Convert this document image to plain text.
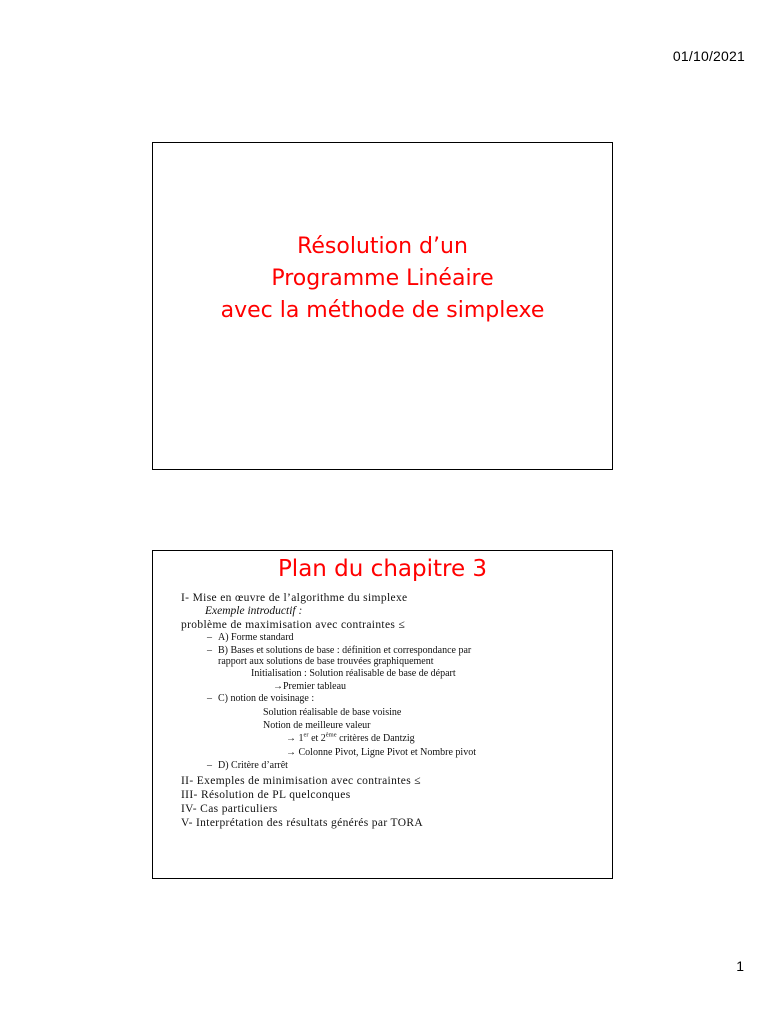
01/10/2021
Résolution d’un
Programme Linéaire
avec la méthode de simplexe
Plan du chapitre 3
I- Mise en œuvre de l’algorithme du simplexe
Exemple introductif :
problème de maximisation avec contraintes ≤
– A) Forme standard
– B) Bases et solutions de base : définition et correspondance par
rapport aux solutions de base trouvées graphiquement
Initialisation : Solution réalisable de base de départ
→Premier tableau
– C) notion de voisinage :
Solution réalisable de base voisine
Notion de meilleure valeur
→ 1er et 2ème critères de Dantzig
→ Colonne Pivot, Ligne Pivot et Nombre pivot
– D) Critère d’arrêt
II- Exemples de minimisation avec contraintes ≤
III- Résolution de PL quelconques
IV- Cas particuliers
V- Interprétation des résultats générés par TORA
1
